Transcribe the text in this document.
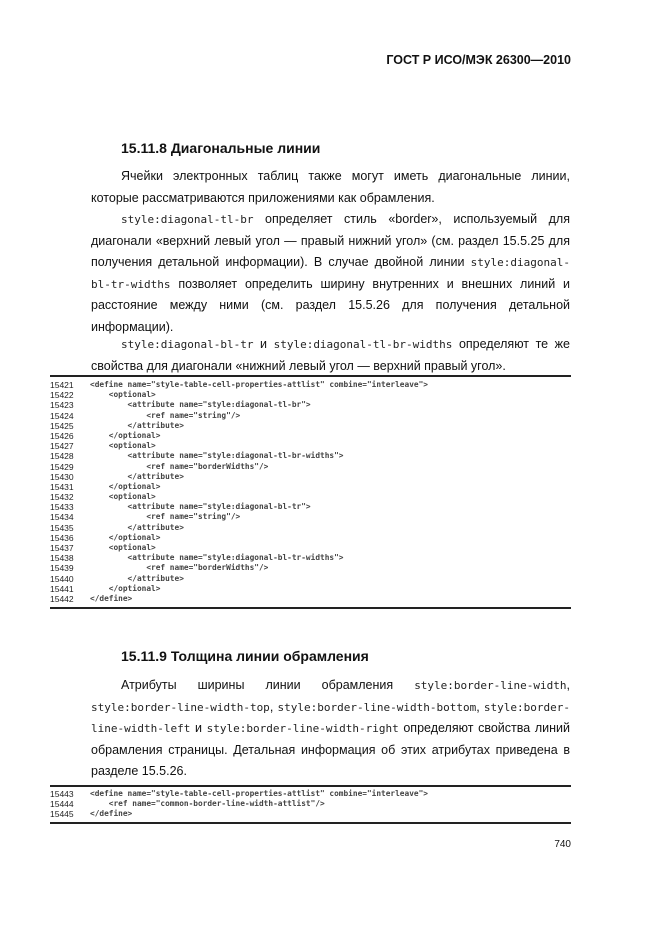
ГОСТ Р ИСО/МЭК 26300—2010
15.11.8 Диагональные линии

Ячейки электронных таблиц также могут иметь диагональные линии, которые рассматриваются приложениями как обрамления.

style:diagonal-tl-br определяет стиль «border», используемый для диагонали «верхний левый угол — правый нижний угол» (см. раздел 15.5.25 для получения детальной информации). В случае двойной линии style:diagonal-bl-tr-widths позволяет определить ширину внутренних и внешних линий и расстояние между ними (см. раздел 15.5.26 для получения детальной информации).

style:diagonal-bl-tr и style:diagonal-tl-br-widths определяют те же свойства для диагонали «нижний левый угол — верхний правый угол».

15421	<define name="style-table-cell-properties-attlist" combine="interleave">
15422	<optional>
15423	<attribute name="style:diagonal-tl-br">
15424	<ref name="string"/>
15425	</attribute>
15426	</optional>
15427	<optional>
15428	<attribute name="style:diagonal-tl-br-widths">
15429	<ref name="borderWidths"/>
15430	</attribute>
15431	</optional>
15432	<optional>
15433	<attribute name="style:diagonal-bl-tr">
15434	<ref name="string"/>
15435	</attribute>
15436	</optional>
15437	<optional>
15438	<attribute name="style:diagonal-bl-tr-widths">
15439	<ref name="borderWidths"/>
15440	</attribute>
15441	</optional>
15442	</define>
15.11.9 Толщина линии обрамления

Атрибуты ширины линии обрамления style:border-line-width, style:border-line-width-top, style:border-line-width-bottom, style:border-line-width-left и style:border-line-width-right определяют свойства линий обрамления страницы. Детальная информация об этих атрибутах приведена в разделе 15.5.26.

15443	<define name="style-table-cell-properties-attlist" combine="interleave">
15444	<ref name="common-border-line-width-attlist"/>
15445	</define>
740
